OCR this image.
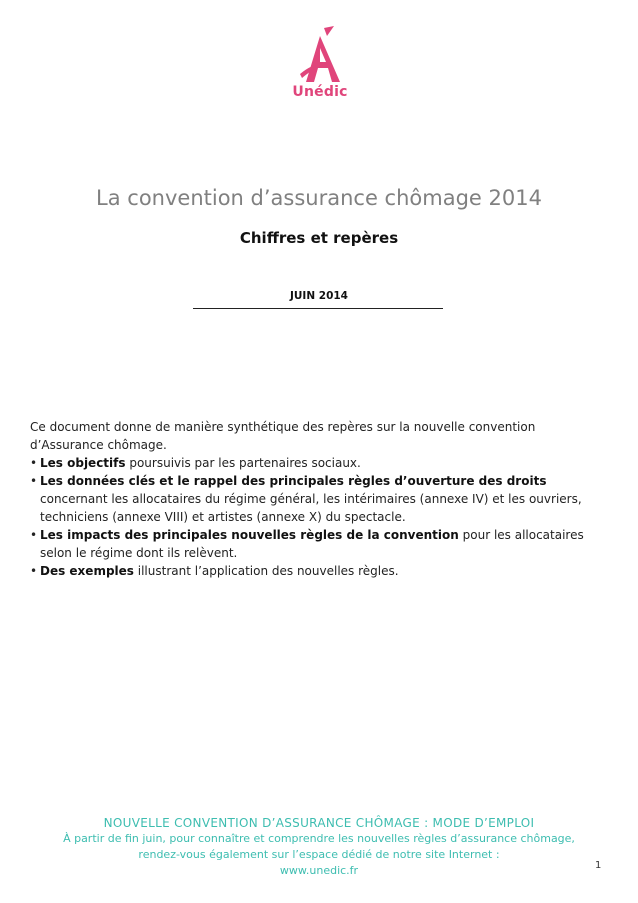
Unédic
La convention d’assurance chômage 2014
Chiffres et repères
JUIN 2014

Ce document donne de manière synthétique des repères sur la nouvelle convention d’Assurance chômage.

• Les objectifs poursuivis par les partenaires sociaux.
• Les données clés et le rappel des principales règles d’ouverture des droits concernant les allocataires du régime général, les intérimaires (annexe IV) et les ouvriers, techniciens (annexe VIII) et artistes (annexe X) du spectacle.
• Les impacts des principales nouvelles règles de la convention pour les allocataires selon le régime dont ils relèvent.
• Des exemples illustrant l’application des nouvelles règles.
NOUVELLE CONVENTION D’ASSURANCE CHÔMAGE : MODE D’EMPLOI
À partir de fin juin, pour connaître et comprendre les nouvelles règles d’assurance chômage,
rendez-vous également sur l’espace dédié de notre site Internet :
www.unedic.fr	1
